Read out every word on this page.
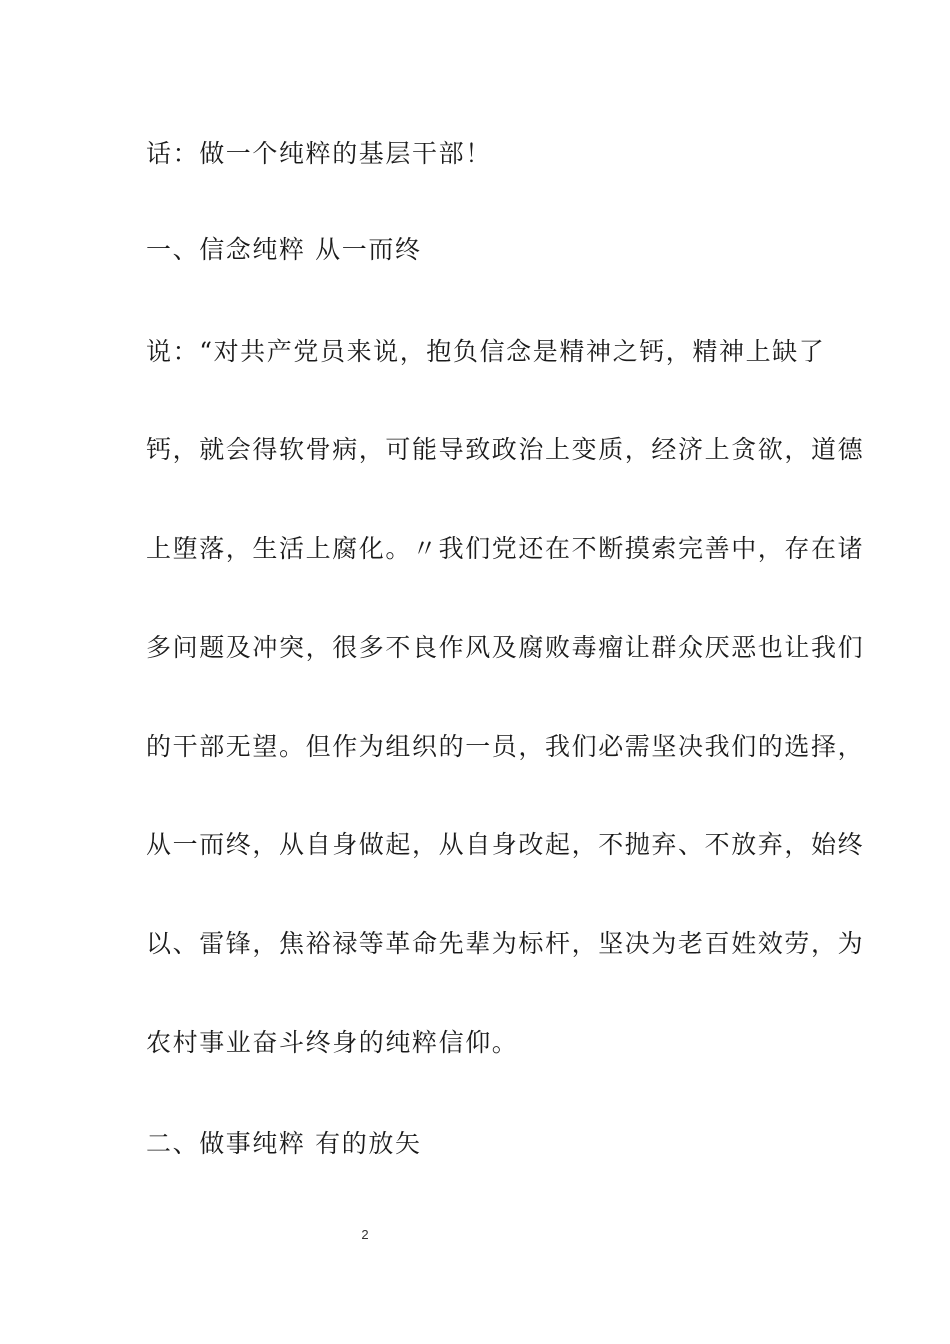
话：做一个纯粹的基层干部！
一、信念纯粹 从一而终
说：“对共产党员来说，抱负信念是精神之钙，精神上缺了
钙，就会得软骨病，可能导致政治上变质，经济上贪欲，道德
上堕落，生活上腐化。〃我们党还在不断摸索完善中，存在诸
多问题及冲突，很多不良作风及腐败毒瘤让群众厌恶也让我们
的干部无望。但作为组织的一员，我们必需坚决我们的选择，
从一而终，从自身做起，从自身改起，不抛弃、不放弃，始终
以、雷锋，焦裕禄等革命先辈为标杆，坚决为老百姓效劳，为
农村事业奋斗终身的纯粹信仰。
二、做事纯粹 有的放矢
2
